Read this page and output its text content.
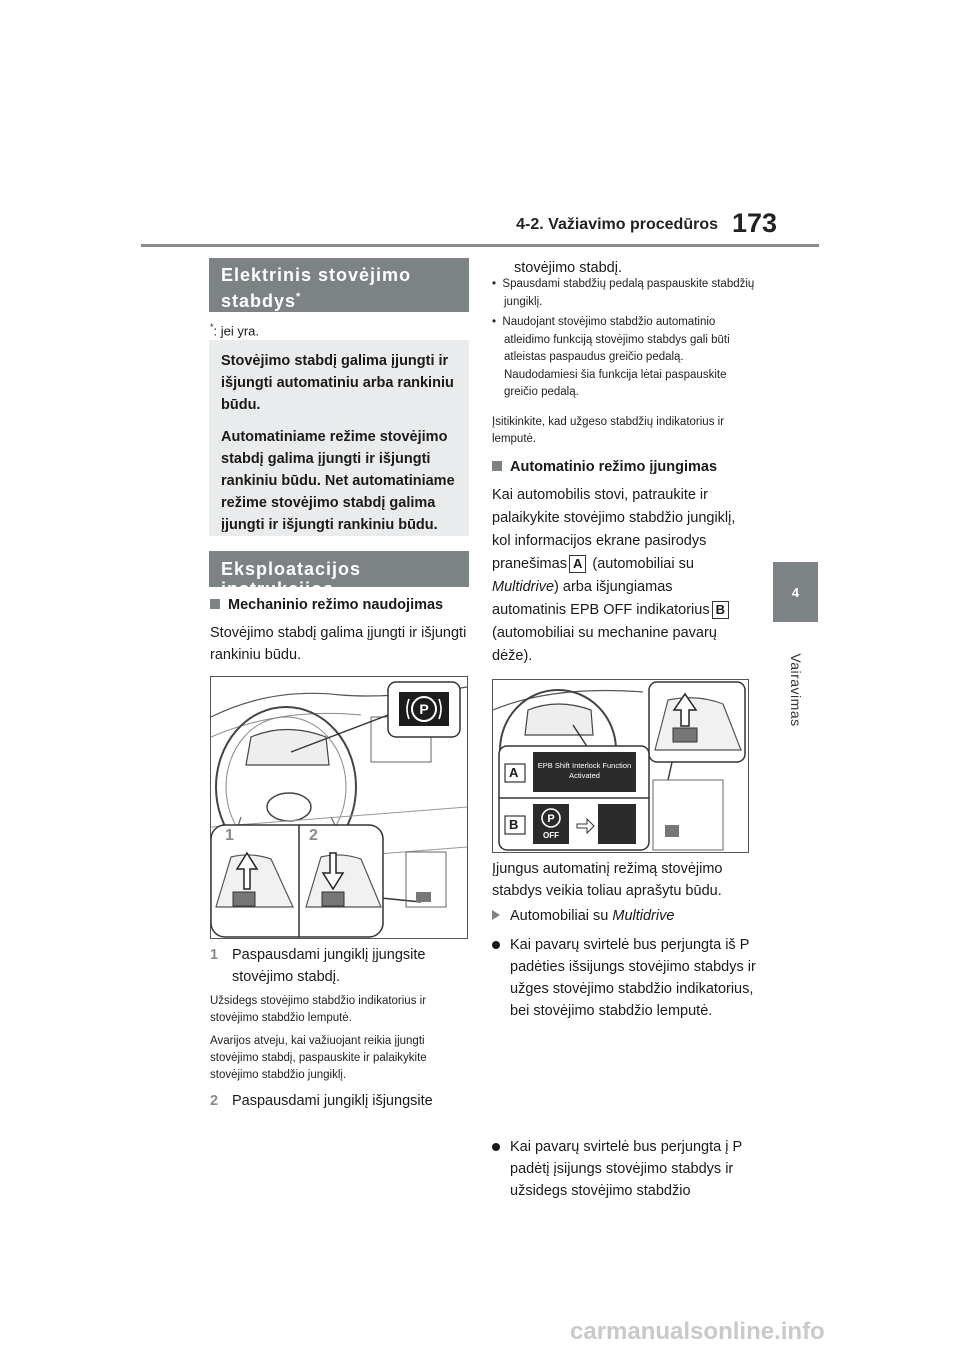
4-2. Važiavimo procedūros 173
4
Vairavimas
Elektrinis stovėjimo stabdys*
*: jei yra.

Stovėjimo stabdį galima įjungti ir išjungti automatiniu arba rankiniu būdu.

Automatiniame režime stovėjimo stabdį galima įjungti ir išjungti rankiniu būdu. Net automatiniame režime stovėjimo stabdį galima įjungti ir išjungti rankiniu būdu.

Eksploatacijos instrukcijos
Mechaninio režimo naudojimas
Stovėjimo stabdį galima įjungti ir išjungti rankiniu būdu.
P
1	2
1 Paspausdami jungiklį įjungsite stovėjimo stabdį.
Užsidegs stovėjimo stabdžio indikatorius ir stovėjimo stabdžio lemputė.
Avarijos atveju, kai važiuojant reikia įjungti stovėjimo stabdį, paspauskite ir palaikykite stovėjimo stabdžio jungiklį.
2 Paspausdami jungiklį išjungsite
stovėjimo stabdį.
•  Spausdami stabdžių pedalą paspauskite stabdžių jungiklį.
•  Naudojant stovėjimo stabdžio automatinio atleidimo funkciją stovėjimo stabdys gali būti atleistas paspaudus greičio pedalą. Naudodamiesi šia funkcija lėtai paspauskite greičio pedalą.
Įsitikinkite, kad užgeso stabdžių indikatorius ir lemputė.
Automatinio režimo įjungimas
Kai automobilis stovi, patraukite ir palaikykite stovėjimo stabdžio jungiklį, kol informacijos ekrane pasirodys pranešimas A (automobiliai su Multidrive) arba išjungiamas automatinis EPB OFF indikatorius B (automobiliai su mechanine pavarų dėže).
P
A
B
EPB Shift Interlock Function
Activated
OFF
Įjungus automatinį režimą stovėjimo stabdys veikia toliau aprašytu būdu.
Automobiliai su Multidrive
Kai pavarų svirtelė bus perjungta iš P padėties išsijungs stovėjimo stabdys ir užges stovėjimo stabdžio indikatorius, bei stovėjimo stabdžio lemputė.
Kai pavarų svirtelė bus perjungta į P padėtį įsijungs stovėjimo stabdys ir užsidegs stovėjimo stabdžio
carmanualsonline.info
